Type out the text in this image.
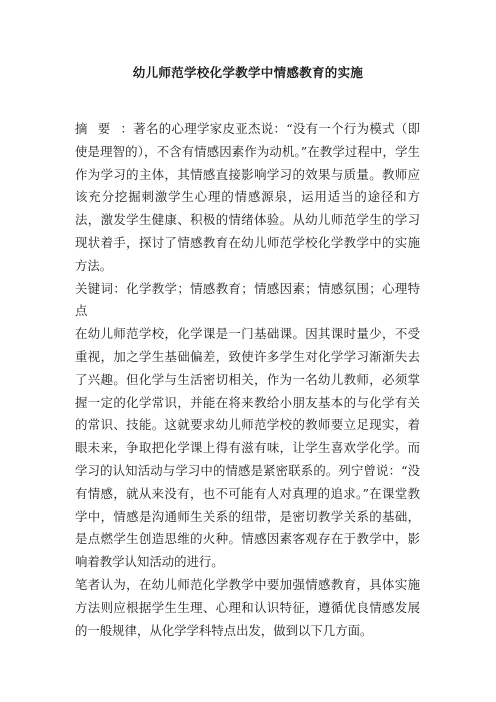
幼儿师范学校化学教学中情感教育的实施

摘要：著名的心理学家皮亚杰说：“没有一个行为模式（即使是理智的），不含有情感因素作为动机。”在教学过程中，学生作为学习的主体，其情感直接影响学习的效果与质量。教师应该充分挖掘刺激学生心理的情感源泉，运用适当的途径和方法，激发学生健康、积极的情绪体验。从幼儿师范学生的学习现状着手，探讨了情感教育在幼儿师范学校化学教学中的实施方法。

关键词：化学教学；情感教育；情感因素；情感氛围；心理特点

在幼儿师范学校，化学课是一门基础课。因其课时量少，不受重视，加之学生基础偏差，致使许多学生对化学学习渐渐失去了兴趣。但化学与生活密切相关，作为一名幼儿教师，必须掌握一定的化学常识，并能在将来教给小朋友基本的与化学有关的常识、技能。这就要求幼儿师范学校的教师要立足现实，着眼未来，争取把化学课上得有滋有味，让学生喜欢学化学。而学习的认知活动与学习中的情感是紧密联系的。列宁曾说：“没有情感，就从来没有，也不可能有人对真理的追求。”在课堂教学中，情感是沟通师生关系的纽带，是密切教学关系的基础，是点燃学生创造思维的火种。情感因素客观存在于教学中，影响着教学认知活动的进行。

笔者认为，在幼儿师范化学教学中要加强情感教育，具体实施方法则应根据学生生理、心理和认识特征，遵循优良情感发展的一般规律，从化学学科特点出发，做到以下几方面。
